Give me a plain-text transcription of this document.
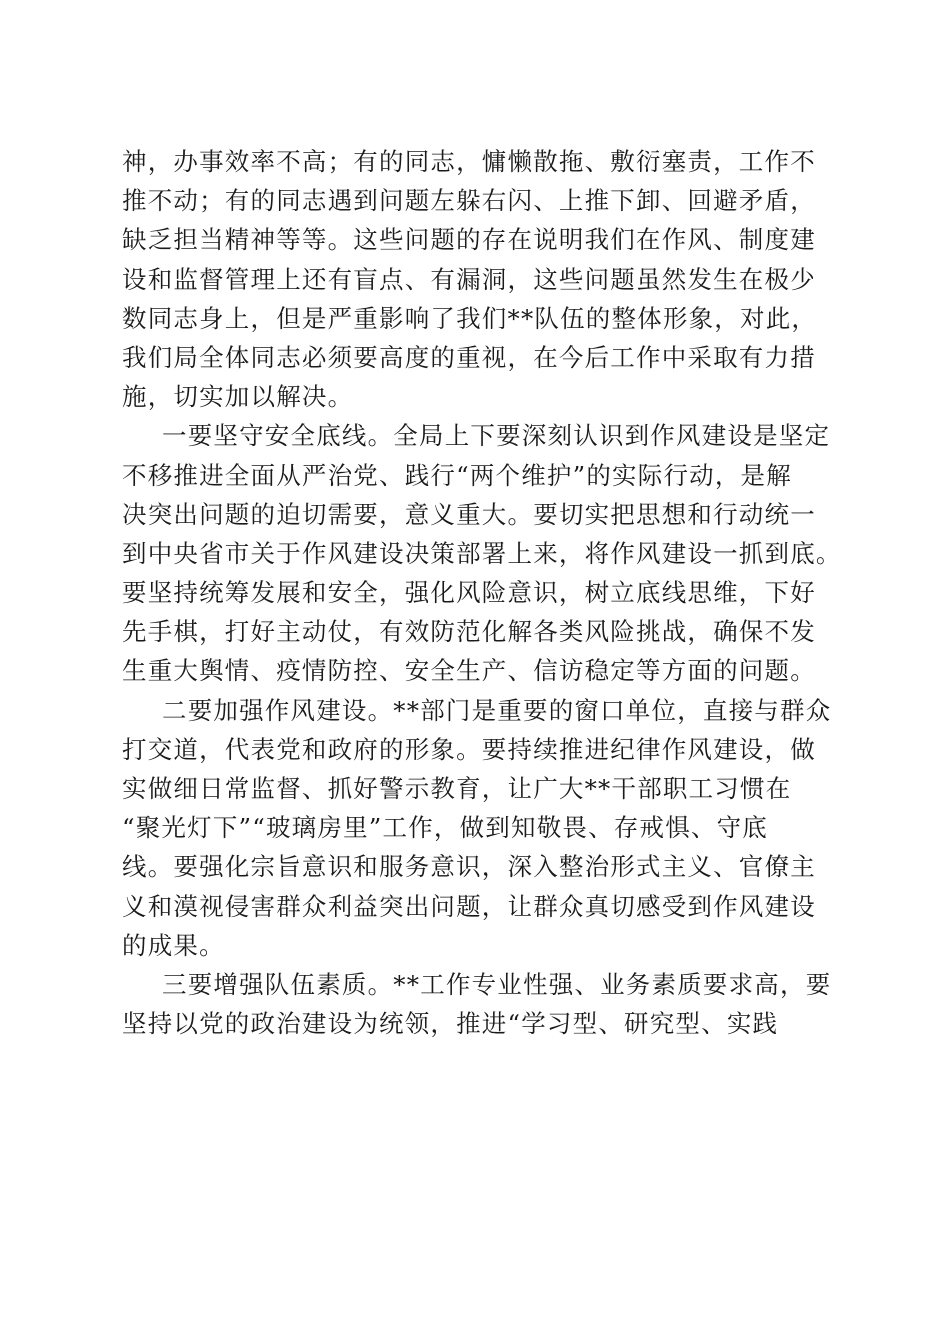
神，办事效率不高；有的同志，慵懒散拖、敷衍塞责，工作不
推不动；有的同志遇到问题左躲右闪、上推下卸、回避矛盾，
缺乏担当精神等等。这些问题的存在说明我们在作风、制度建
设和监督管理上还有盲点、有漏洞，这些问题虽然发生在极少
数同志身上，但是严重影响了我们**队伍的整体形象，对此，
我们局全体同志必须要高度的重视，在今后工作中采取有力措
施，切实加以解决。
一要坚守安全底线。全局上下要深刻认识到作风建设是坚定
不移推进全面从严治党、践行“两个维护”的实际行动，是解
决突出问题的迫切需要，意义重大。要切实把思想和行动统一
到中央省市关于作风建设决策部署上来，将作风建设一抓到底。
要坚持统筹发展和安全，强化风险意识，树立底线思维，下好
先手棋，打好主动仗，有效防范化解各类风险挑战，确保不发
生重大舆情、疫情防控、安全生产、信访稳定等方面的问题。
二要加强作风建设。**部门是重要的窗口单位，直接与群众
打交道，代表党和政府的形象。要持续推进纪律作风建设，做
实做细日常监督、抓好警示教育，让广大**干部职工习惯在
“聚光灯下”“玻璃房里”工作，做到知敬畏、存戒惧、守底
线。要强化宗旨意识和服务意识，深入整治形式主义、官僚主
义和漠视侵害群众利益突出问题，让群众真切感受到作风建设
的成果。
三要增强队伍素质。**工作专业性强、业务素质要求高，要
坚持以党的政治建设为统领，推进“学习型、研究型、实践
